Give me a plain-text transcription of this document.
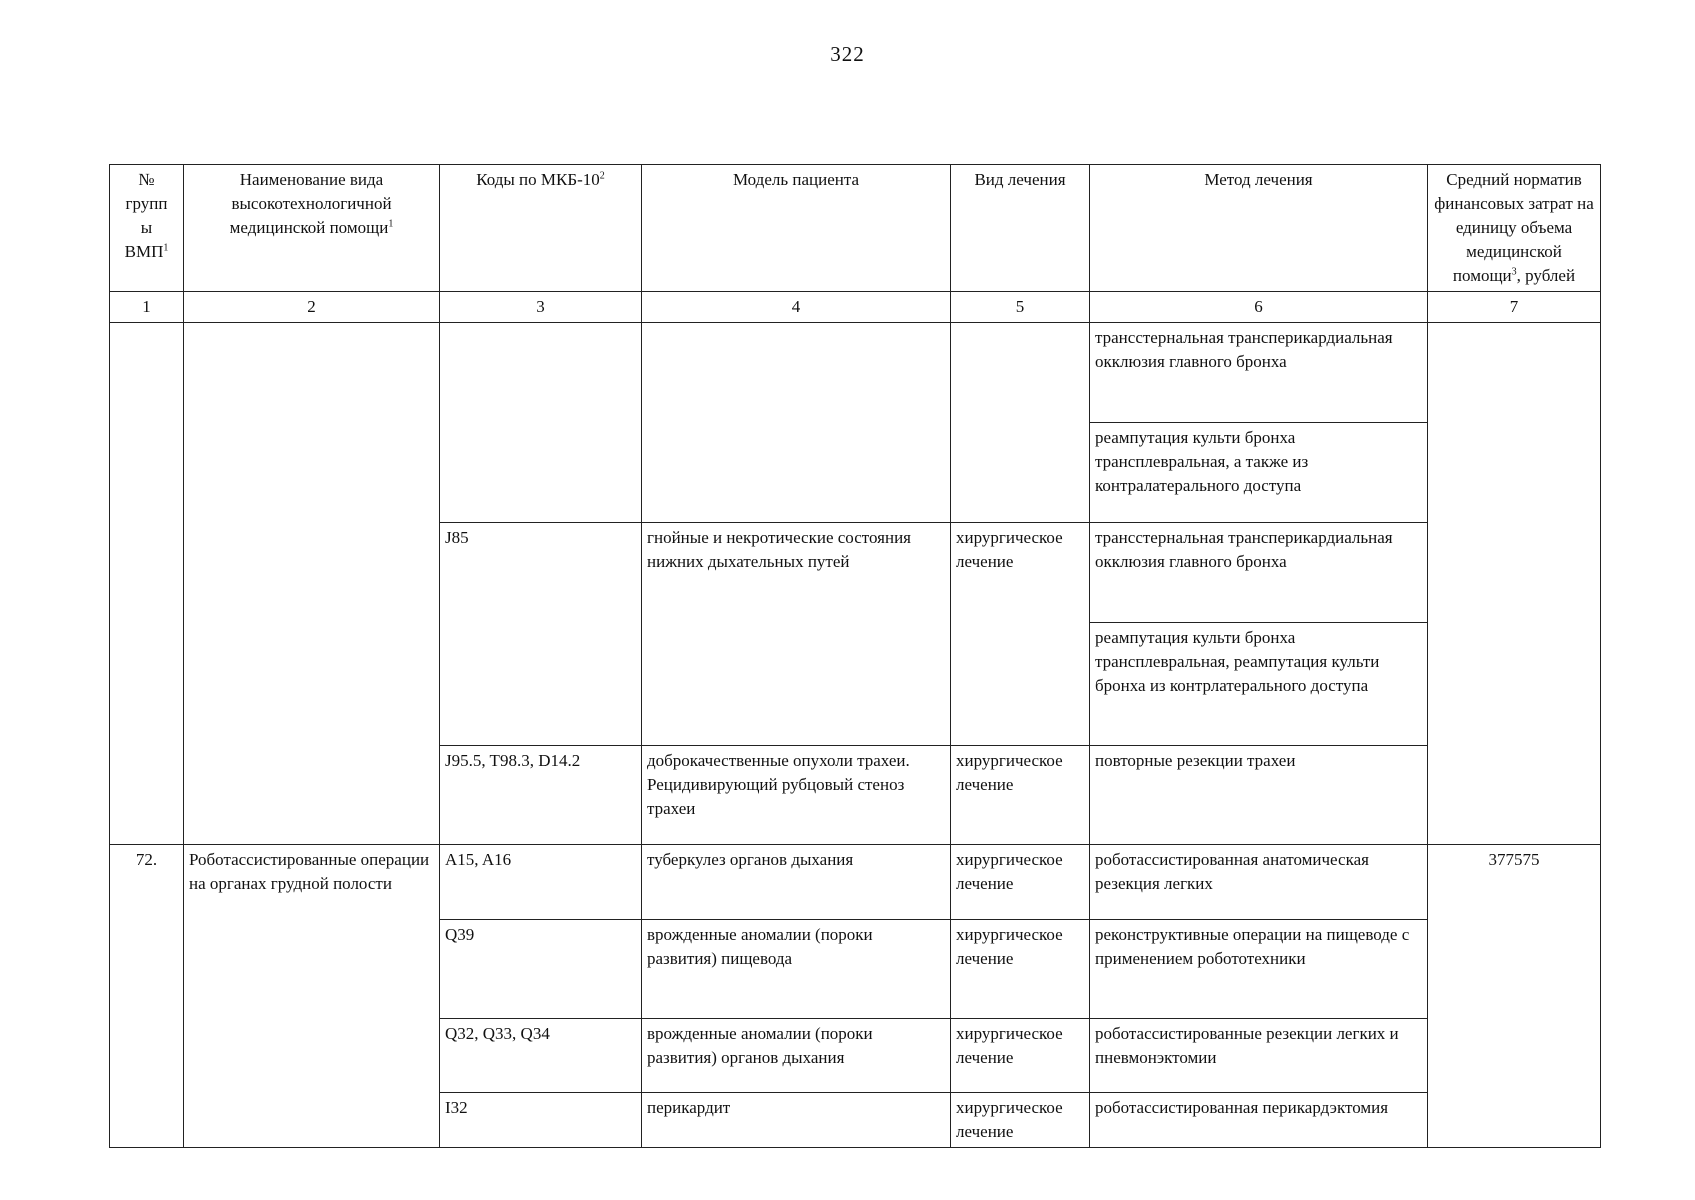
322
№
групп
ы
ВМП$^1$	Наименование вида высокотехнологичной медицинской помощи$^1$	Коды по МКБ-$10^2$	Модель пациента	Вид лечения	Метод лечения	Средний норматив финансовых затрат на единицу объема медицинской помощи$^3$, рублей
1	2	3	4	5	6	7
					трансстернальная трансперикардиальная окклюзия главного бронха	
					реампутация культи бронха трансплевральная, а также из контралатерального доступа	
		J85	гнойные и некротические состояния нижних дыхательных путей	хирургическое лечение	трансстернальная трансперикардиальная окклюзия главного бронха	
					реампутация культи бронха трансплевральная, реампутация культи бронха из контрлатерального доступа	
		J95.5, T98.3, D14.2	доброкачественные опухоли трахеи. Рецидивирующий рубцовый стеноз трахеи	хирургическое лечение	повторные резекции трахеи	
72.	Роботассистированные операции на органах грудной полости	A15, A16	туберкулез органов дыхания	хирургическое лечение	роботассистированная анатомическая резекция легких	377575
		Q39	врожденные аномалии (пороки развития) пищевода	хирургическое лечение	реконструктивные операции на пищеводе с применением робототехники	
		Q32, Q33, Q34	врожденные аномалии (пороки развития) органов дыхания	хирургическое лечение	роботассистированные резекции легких и пневмонэктомии	
		I32	перикардит	хирургическое лечение	роботассистированная перикардэктомия	
